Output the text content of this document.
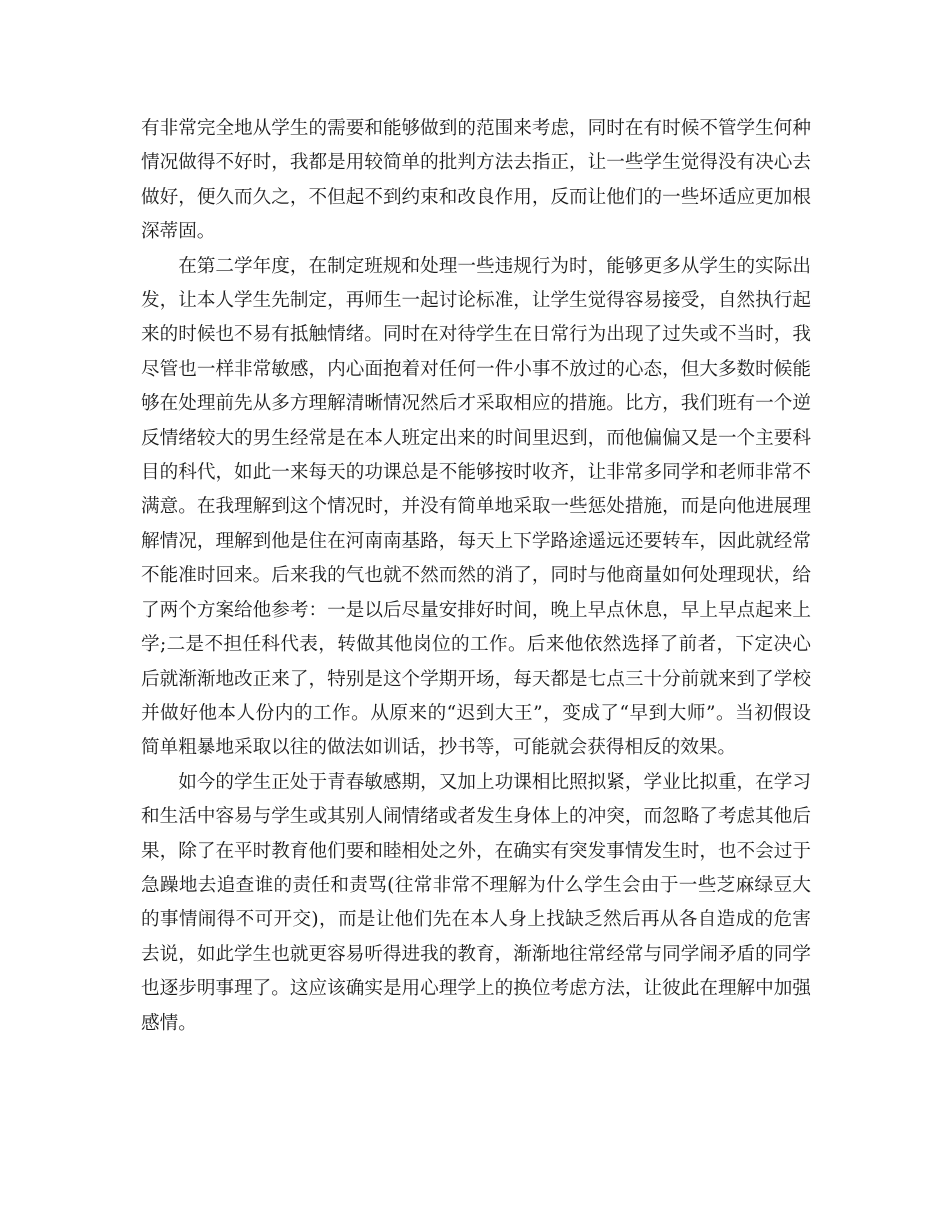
有非常完全地从学生的需要和能够做到的范围来考虑，同时在有时候不管学生何种情况做得不好时，我都是用较简单的批判方法去指正，让一些学生觉得没有决心去做好，便久而久之，不但起不到约束和改良作用，反而让他们的一些坏适应更加根深蒂固。

在第二学年度，在制定班规和处理一些违规行为时，能够更多从学生的实际出发，让本人学生先制定，再师生一起讨论标准，让学生觉得容易接受，自然执行起来的时候也不易有抵触情绪。同时在对待学生在日常行为出现了过失或不当时，我尽管也一样非常敏感，内心面抱着对任何一件小事不放过的心态，但大多数时候能够在处理前先从多方理解清晰情况然后才采取相应的措施。比方，我们班有一个逆反情绪较大的男生经常是在本人班定出来的时间里迟到，而他偏偏又是一个主要科目的科代，如此一来每天的功课总是不能够按时收齐，让非常多同学和老师非常不满意。在我理解到这个情况时，并没有简单地采取一些惩处措施，而是向他进展理解情况，理解到他是住在河南南基路，每天上下学路途遥远还要转车，因此就经常不能准时回来。后来我的气也就不然而然的消了，同时与他商量如何处理现状，给了两个方案给他参考：一是以后尽量安排好时间，晚上早点休息，早上早点起来上学;二是不担任科代表，转做其他岗位的工作。后来他依然选择了前者，下定决心后就渐渐地改正来了，特别是这个学期开场，每天都是七点三十分前就来到了学校并做好他本人份内的工作。从原来的“迟到大王”，变成了“早到大师”。当初假设简单粗暴地采取以往的做法如训话，抄书等，可能就会获得相反的效果。

如今的学生正处于青春敏感期，又加上功课相比照拟紧，学业比拟重，在学习和生活中容易与学生或其别人闹情绪或者发生身体上的冲突，而忽略了考虑其他后果，除了在平时教育他们要和睦相处之外，在确实有突发事情发生时，也不会过于急躁地去追查谁的责任和责骂(往常非常不理解为什么学生会由于一些芝麻绿豆大的事情闹得不可开交)，而是让他们先在本人身上找缺乏然后再从各自造成的危害去说，如此学生也就更容易听得进我的教育，渐渐地往常经常与同学闹矛盾的同学也逐步明事理了。这应该确实是用心理学上的换位考虑方法，让彼此在理解中加强感情。
